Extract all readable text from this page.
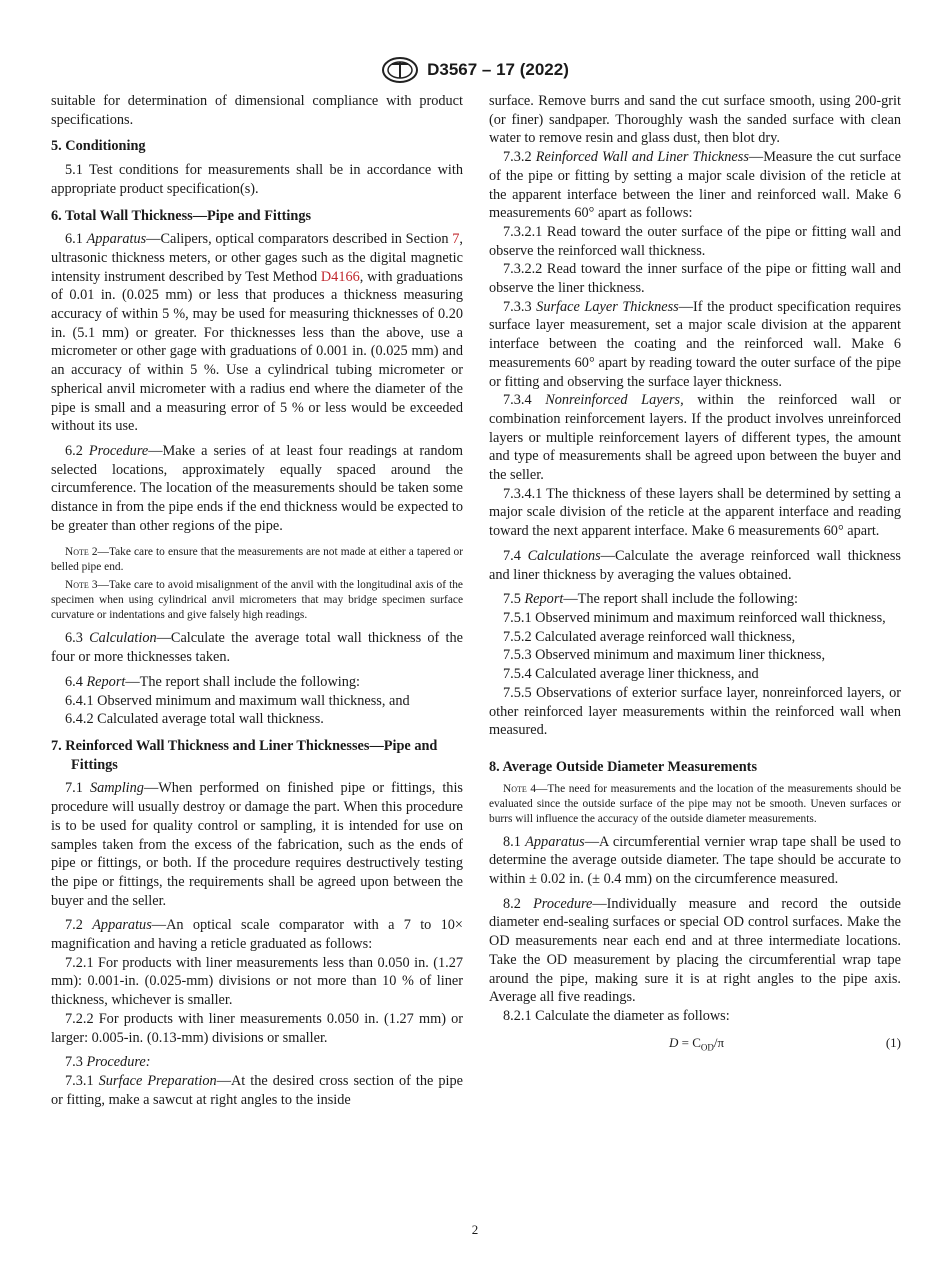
D3567 – 17 (2022)

suitable for determination of dimensional compliance with product specifications.

5. Conditioning

5.1 Test conditions for measurements shall be in accordance with appropriate product specification(s).

6. Total Wall Thickness—Pipe and Fittings

6.1 Apparatus—Calipers, optical comparators described in Section 7, ultrasonic thickness meters, or other gages such as the digital magnetic intensity instrument described by Test Method D4166, with graduations of 0.01 in. (0.025 mm) or less that produces a thickness measuring accuracy of within 5 %, may be used for measuring thicknesses of 0.20 in. (5.1 mm) or greater. For thicknesses less than the above, use a micrometer or other gage with graduations of 0.001 in. (0.025 mm) and an accuracy of within 5 %. Use a cylindrical tubing micrometer or spherical anvil micrometer with a radius end where the diameter of the pipe is small and a measuring error of 5 % or less would be exceeded without its use.

6.2 Procedure—Make a series of at least four readings at random selected locations, approximately equally spaced around the circumference. The location of the measurements should be taken some distance in from the pipe ends if the end thickness would be expected to be greater than other regions of the pipe.

Note 2—Take care to ensure that the measurements are not made at either a tapered or belled pipe end.

Note 3—Take care to avoid misalignment of the anvil with the longitudinal axis of the specimen when using cylindrical anvil micrometers that may bridge specimen surface curvature or indentations and give falsely high readings.

6.3 Calculation—Calculate the average total wall thickness of the four or more thicknesses taken.

6.4 Report—The report shall include the following:

6.4.1 Observed minimum and maximum wall thickness, and

6.4.2 Calculated average total wall thickness.

7. Reinforced Wall Thickness and Liner Thicknesses—Pipe and Fittings

7.1 Sampling—When performed on finished pipe or fittings, this procedure will usually destroy or damage the part. When this procedure is to be used for quality control or sampling, it is intended for use on samples taken from the excess of the fabrication, such as the ends of pipe or fittings, or both. If the procedure requires destructively testing the pipe or fittings, the requirements shall be agreed upon between the buyer and the seller.

7.2 Apparatus—An optical scale comparator with a 7 to 10× magnification and having a reticle graduated as follows:

7.2.1 For products with liner measurements less than 0.050 in. (1.27 mm): 0.001-in. (0.025-mm) divisions or not more than 10 % of liner thickness, whichever is smaller.

7.2.2 For products with liner measurements 0.050 in. (1.27 mm) or larger: 0.005-in. (0.13-mm) divisions or smaller.

7.3 Procedure:

7.3.1 Surface Preparation—At the desired cross section of the pipe or fitting, make a sawcut at right angles to the inside

surface. Remove burrs and sand the cut surface smooth, using 200-grit (or finer) sandpaper. Thoroughly wash the sanded surface with clean water to remove resin and glass dust, then blot dry.

7.3.2 Reinforced Wall and Liner Thickness—Measure the cut surface of the pipe or fitting by setting a major scale division of the reticle at the apparent interface between the liner and reinforced wall. Make 6 measurements 60° apart as follows:

7.3.2.1 Read toward the outer surface of the pipe or fitting wall and observe the reinforced wall thickness.

7.3.2.2 Read toward the inner surface of the pipe or fitting wall and observe the liner thickness.

7.3.3 Surface Layer Thickness—If the product specification requires surface layer measurement, set a major scale division at the apparent interface between the coating and the reinforced wall. Make 6 measurements 60° apart by reading toward the outer surface of the pipe or fitting and observing the surface layer thickness.

7.3.4 Nonreinforced Layers, within the reinforced wall or combination reinforcement layers. If the product involves unreinforced layers or multiple reinforcement layers of different types, the amount and type of measurements shall be agreed upon between the buyer and the seller.

7.3.4.1 The thickness of these layers shall be determined by setting a major scale division of the reticle at the apparent interface and reading toward the next apparent interface. Make 6 measurements 60° apart.

7.4 Calculations—Calculate the average reinforced wall thickness and liner thickness by averaging the values obtained.

7.5 Report—The report shall include the following:

7.5.1 Observed minimum and maximum reinforced wall thickness,

7.5.2 Calculated average reinforced wall thickness,

7.5.3 Observed minimum and maximum liner thickness,

7.5.4 Calculated average liner thickness, and

7.5.5 Observations of exterior surface layer, nonreinforced layers, or other reinforced layer measurements within the reinforced wall when measured.

8. Average Outside Diameter Measurements

Note 4—The need for measurements and the location of the measurements should be evaluated since the outside surface of the pipe may not be smooth. Uneven surfaces or burrs will influence the accuracy of the outside diameter measurements.

8.1 Apparatus—A circumferential vernier wrap tape shall be used to determine the average outside diameter. The tape should be accurate to within ± 0.02 in. (± 0.4 mm) on the circumference measured.

8.2 Procedure—Individually measure and record the outside diameter end-sealing surfaces or special OD control surfaces. Make the OD measurements near each end and at three intermediate locations. Take the OD measurement by placing the circumferential wrap tape around the pipe, making sure it is at right angles to the pipe axis. Average all five readings.

8.2.1 Calculate the diameter as follows:

$D = C_{OD}/\pi$	(1)
2
